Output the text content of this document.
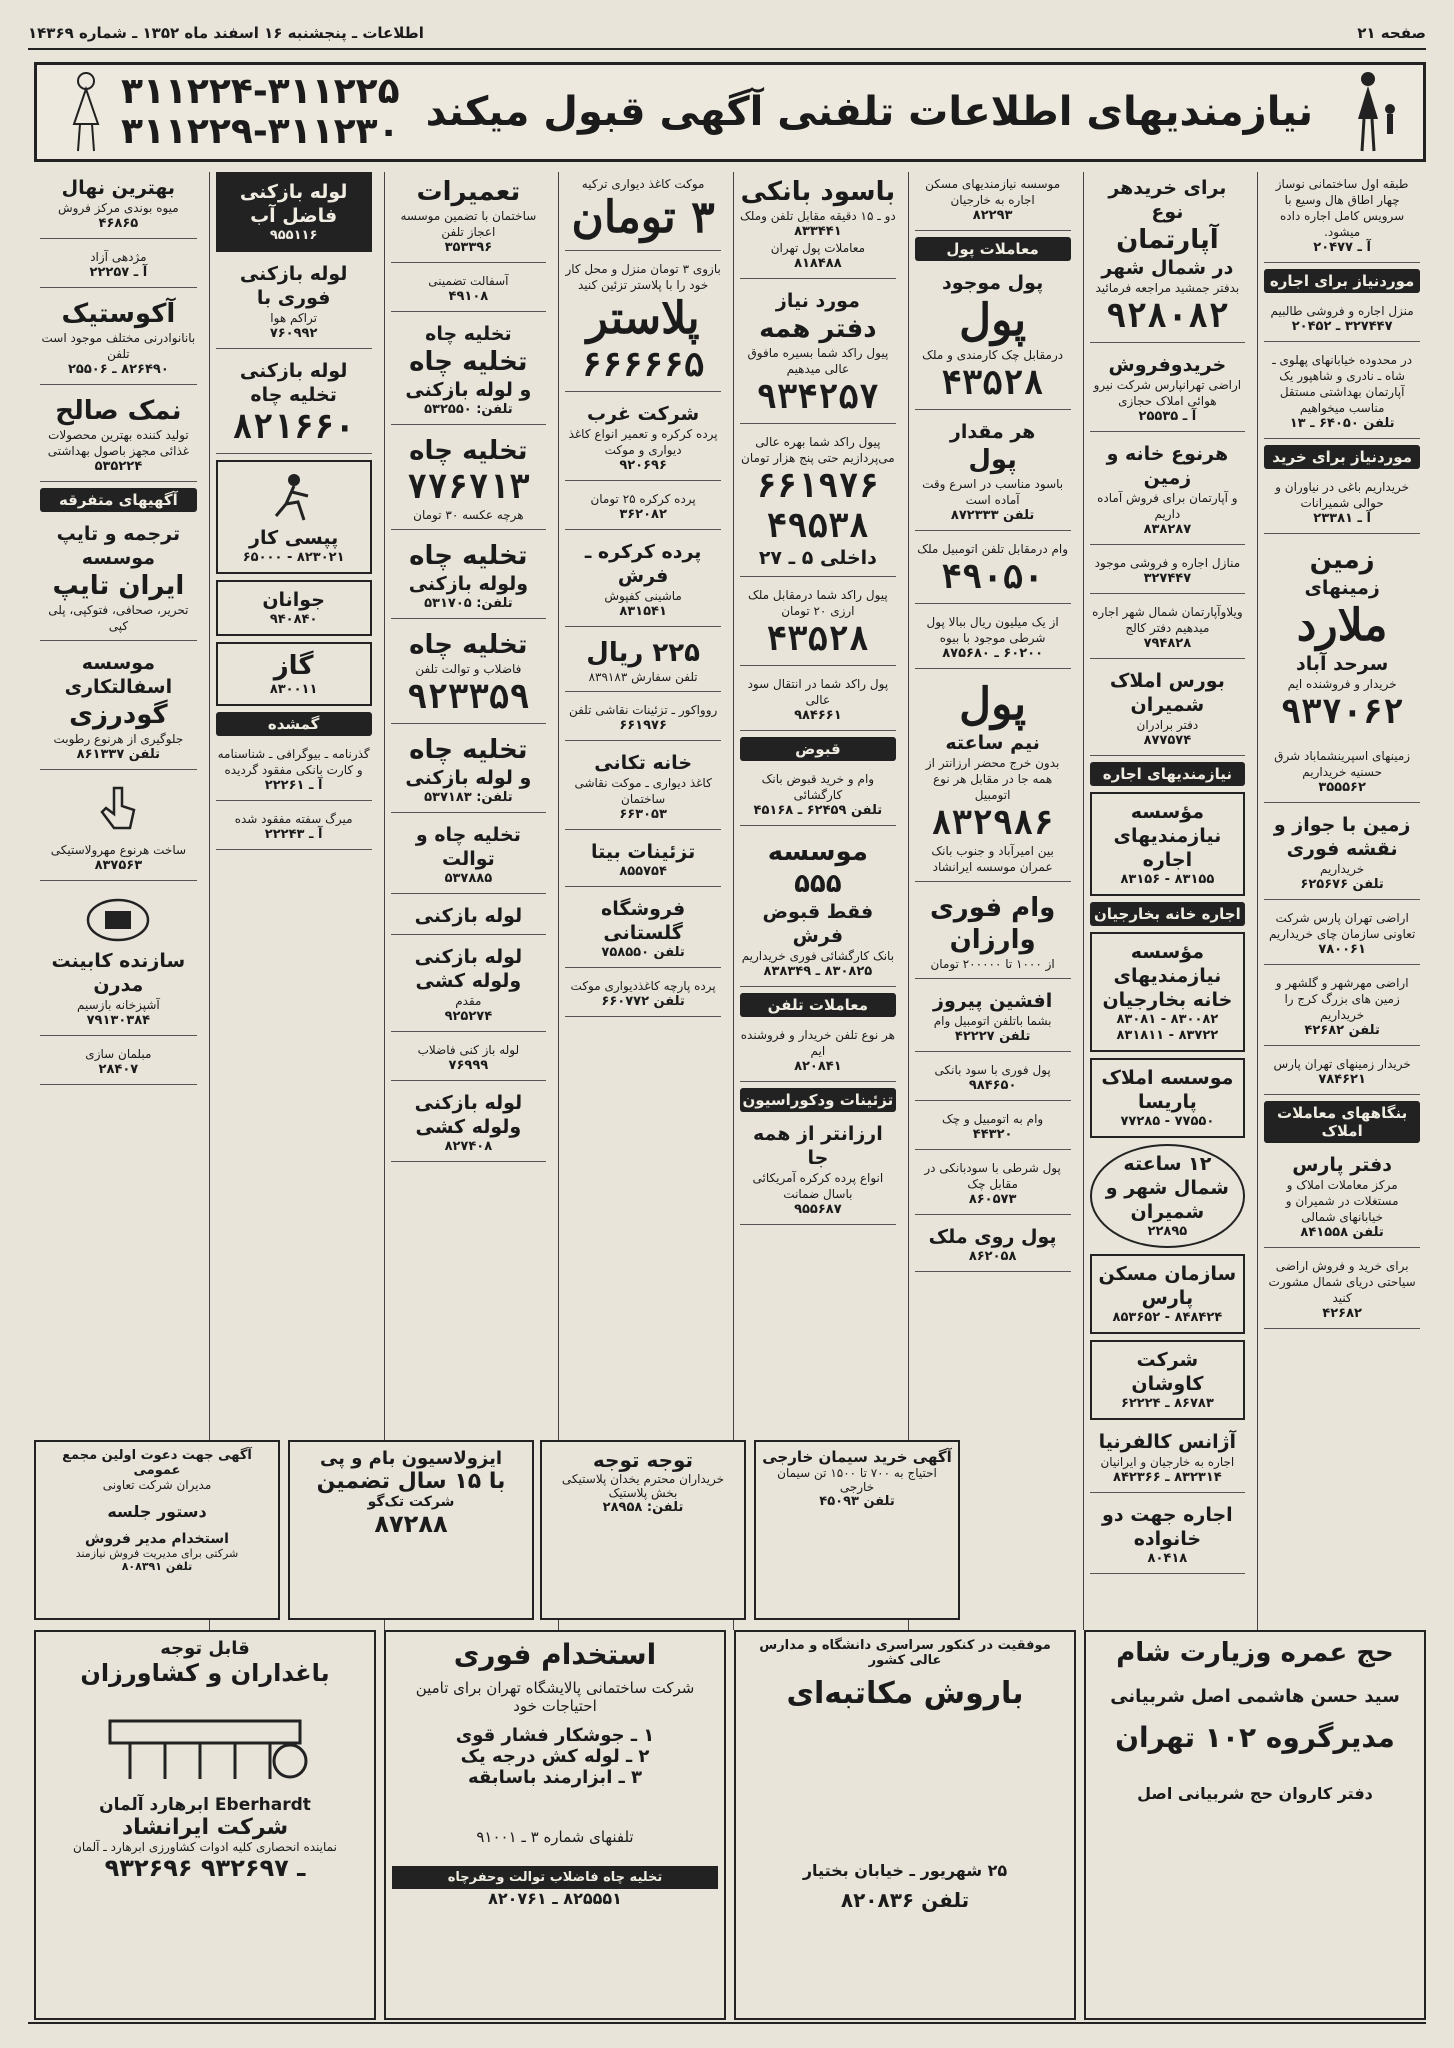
اطلاعات ـ پنجشنبه ۱۶ اسفند ماه ۱۳۵۲ ـ شماره ۱۴۳۶۹	صفحه ۲۱
۳۱۱۲۲۴-۳۱۱۲۲۵
۳۱۱۲۲۹-۳۱۱۲۳۰ نیازمندیهای اطلاعات تلفنی آگهی قبول میکند
طبقه اول ساختمانی نوساز چهار اطاق هال وسیع با سرویس کامل اجاره داده میشود.
آ ـ ۲۰۴۷۷
موردنیاز برای اجاره
منزل اجاره و فروشی طالبیم
۳۲۷۴۴۷ ـ ۲۰۴۵۲
در محدوده خیابانهای پهلوی ـ شاه ـ نادری و شاهپور یک آپارتمان بهداشتی مستقل مناسب میخواهیم
تلفن ۶۴۰۵۰ ـ ۱۳
موردنیاز برای خرید
خریداریم باغی در نیاوران و حوالی شمیرانات
آ ـ ۲۳۳۸۱
زمین
زمینهای
ملارد
سرحد آباد
خریدار و فروشنده ایم
۹۳۷۰۶۲
زمینهای اسپرینشماباد شرق حسنیه خریداریم
۳۵۵۵۶۲
زمین با جواز و نقشه فوری
خریداریم
تلفن ۶۲۵۶۷۶
اراضی تهران پارس شرکت تعاونی سازمان چای خریداریم
۷۸۰۰۶۱
اراضی مهرشهر و گلشهر و زمین های بزرگ کرج را خریداریم
تلفن ۴۲۶۸۲
خریدار زمینهای تهران پارس
۷۸۴۶۲۱
بنگاههای معاملات املاک
دفتر پارس
مرکز معاملات املاک و مستغلات در شمیران و خیابانهای شمالی
تلفن ۸۴۱۵۵۸
برای خرید و فروش اراضی سیاحتی دریای شمال مشورت کنید
۴۲۶۸۲
برای خریدهر نوع
آپارتمان
در شمال شهر
بدفتر جمشید مراجعه فرمائید
۹۲۸۰۸۲
خریدوفروش
اراضی تهرانپارس شرکت نیرو هوائی املاک حجازی
آ ـ ۲۵۵۳۵
هرنوع خانه و زمین
و آپارتمان برای فروش آماده داریم
۸۳۸۲۸۷
منازل اجاره و فروشی موجود
۳۲۷۴۴۷
ویلاوآپارتمان شمال شهر اجاره میدهیم دفتر کالج
۷۹۴۸۲۸
بورس املاک شمیران
دفتر برادران
۸۷۷۵۷۴
نیازمندیهای اجاره
مؤسسه نیازمندیهای اجاره
۸۳۱۵۵ - ۸۳۱۵۶
اجاره خانه بخارجیان
مؤسسه نیازمندیهای خانه بخارجیان
۸۳۰۰۸۲ - ۸۳۰۸۱ ۸۳۷۲۲ - ۸۳۱۸۱۱
موسسه املاک پاریسا
۷۷۵۵۰ - ۷۷۲۸۵
۱۲ ساعته شمال شهر و شمیران
۲۲۸۹۵
سازمان مسکن پارس
۸۴۸۴۲۴ - ۸۵۳۶۵۲
شرکت کاوشان
۸۶۷۸۳ ـ ۶۲۲۲۴
آژانس کالفرنیا
اجاره به خارجیان و ایرانیان
۸۳۲۳۱۴ ـ ۸۴۲۳۶۶
اجاره جهت دو خانواده
۸۰۴۱۸
موسسه نیازمندیهای مسکن اجاره به خارجیان
۸۲۲۹۳
معاملات پول
پول موجود
پول
درمقابل چک کارمندی و ملک
۴۳۵۲۸
هر مقدار
پول
باسود مناسب در اسرع وقت آماده است
تلفن ۸۷۲۳۳۳
وام درمقابل تلفن اتومبیل ملک
۴۹۰۵۰
از یک میلیون ریال ببالا پول شرطی موجود با بیوه
۶۰۲۰۰ ـ ۸۷۵۶۸۰
پول
نیم ساعته
بدون خرج محضر ارزانتر از همه جا در مقابل هر نوع اتومبیل
۸۳۲۹۸۶
بین امیرآباد و جنوب بانک عمران موسسه ایرانشاد
وام فوری
وارزان
از ۱۰۰۰ تا ۲۰۰۰۰۰ تومان
افشین پیروز
بشما باتلفن اتومبیل وام
تلفن ۴۲۲۲۷
پول فوری با سود بانکی
۹۸۴۶۵۰
وام به اتومبیل و چک
۴۴۳۲۰
پول شرطی با سودبانکی در مقابل چک
۸۶۰۵۷۳
پول روی ملک
۸۶۲۰۵۸
باسود بانکی
دو ـ ۱۵ دقیقه مقابل تلفن وملک
۸۳۳۴۴۱
معاملات پول تهران
۸۱۸۴۸۸
مورد نیاز
دفتر همه
پیول راکد شما بسیره مافوق عالی میدهیم
۹۳۴۲۵۷
پیول راکد شما بهره عالی می‌پردازیم حتی پنج هزار تومان
۶۶۱۹۷۶
۴۹۵۳۸
داخلی ۵ ـ ۲۷
پیول راکد شما درمقابل ملک ارزی ۲۰ تومان
۴۳۵۲۸
پول راکد شما در انتقال سود عالی
۹۸۴۶۶۱
قبوض
وام و خرید قبوض بانک کارگشائی
تلفن ۶۲۴۵۹ ـ ۴۵۱۶۸
موسسه ۵۵۵
فقط قبوض فرش
بانک کارگشائی فوری خریداریم
۸۳۰۸۲۵ ـ ۸۳۸۳۴۹
معاملات تلفن
هر نوع تلفن خریدار و فروشنده ایم
۸۲۰۸۴۱
تزئینات ودکوراسیون
ارزانتر از همه جا
انواع پرده کرکره آمریکائی باسال ضمانت
۹۵۵۶۸۷
موکت کاغذ دیواری ترکیه
۳ تومان
بازوی ۳ تومان منزل و محل کار خود را با پلاستر تزئین کنید
پلاستر
۶۶۶۶۶۵
شرکت غرب
پرده کرکره و تعمیر انواع کاغذ دیواری و موکت
۹۲۰۶۹۶
پرده کرکره ۲۵ تومان
۳۶۲۰۸۲
پرده کرکره ـ فرش
ماشینی کفپوش
۸۳۱۵۴۱
۲۲۵ ریال
تلفن سفارش ۸۳۹۱۸۳
روواکور ـ تزئینات نقاشی تلفن
۶۶۱۹۷۶
خانه تکانی
کاغذ دیواری ـ موکت نقاشی ساختمان
۶۶۳۰۵۳
تزئینات بیتا
۸۵۵۷۵۴
فروشگاه گلستانی
تلفن ۷۵۸۵۵۰
پرده پارچه کاغذدیواری موکت
تلفن ۶۶۰۷۷۲
تعمیرات
ساختمان با تضمین موسسه اعجاز تلفن
۳۵۳۳۹۶
آسفالت تضمینی
۴۹۱۰۸
تخلیه چاه
تخلیه چاه
و لوله بازکنی
تلفن: ۵۳۲۵۵۰
تخلیه چاه
۷۷۶۷۱۳
هرچه عکسه ۳۰ تومان
تخلیه چاه
ولوله بازکنی
تلفن: ۵۳۱۷۰۵
تخلیه چاه
فاضلاب و توالت تلفن
۹۲۳۳۵۹
تخلیه چاه
و لوله بازکنی
تلفن: ۵۳۷۱۸۳
تخلیه چاه و توالت
۵۳۷۸۸۵
لوله بازکنی
لوله بازکنی ولوله کشی
مقدم
۹۲۵۲۷۴
لوله باز کنی فاضلاب
۷۶۹۹۹
لوله بازکنی ولوله کشی
۸۲۷۴۰۸
لوله بازکنی فاضل آب
۹۵۵۱۱۶
لوله بازکنی فوری با
تراکم هوا
۷۶۰۹۹۲
لوله بازکنی تخلیه چاه
۸۲۱۶۶۰
پپسی کار
۸۲۳۰۲۱ - ۶۵۰۰۰
جوانان
۹۴۰۸۴۰
گاز
۸۳۰۰۱۱
گمشده
گذرنامه ـ بیوگرافی ـ شناسنامه و کارت بانکی مفقود گردیده
آ ـ ۲۲۲۶۱
میرگ سفته مفقود شده
آ ـ ۲۲۲۴۳
بهترین نهال
میوه بوندی مرکز فروش
۴۶۸۶۵
مژدهی آزاد
آ ـ ۲۲۲۵۷
آکوستیک
بانانوادرنی مختلف موجود است تلفن
۸۲۶۴۹۰ ـ ۲۵۵۰۶
نمک صالح
تولید کننده بهترین محصولات غذائی مجهز باصول بهداشتی
۵۳۵۲۲۴
آگهیهای متفرقه
ترجمه و تایپ
موسسه
ایران تایپ
تحریر، صحافی، فتوکپی، پلی کپی
موسسه اسفالتکاری
گودرزی
جلوگیری از هرنوع رطوبت
تلفن ۸۶۱۳۳۷
ساخت هرنوع مهرولاستیکی
۸۳۷۵۶۳
سازنده کابینت مدرن
آشپزخانه بازسیم
۷۹۱۳۰۳۸۴
مبلمان سازی
۲۸۴۰۷
حج عمره وزیارت شام
سید حسن هاشمی اصل شربیانی
مدیرگروه ۱۰۲ تهران
دفتر کاروان حج شربیانی اصل
موفقیت در کنکور سراسری دانشگاه و مدارس عالی کشور
باروش مکاتبه‌ای
۲۵ شهریور ـ خیابان بختیار
تلفن ۸۲۰۸۳۶
استخدام فوری
شرکت ساختمانی پالایشگاه تهران برای تامین احتیاجات خود
۱ ـ جوشکار فشار قوی
۲ ـ لوله کش درجه یک
۳ ـ ابزارمند باسابقه
تلفنهای شماره ۳ ـ ۹۱۰۰۱
تخلیه چاه فاضلاب توالت وحفرچاه
۸۲۵۵۵۱ ـ ۸۲۰۷۶۱
قابل توجه
باغداران و کشاورزان
ابرهارد آلمان Eberhardt
شرکت ایرانشاد
نماینده انحصاری کلیه ادوات کشاورزی ابرهارد ـ آلمان
۹۳۲۶۹۶ ـ ۹۳۲۶۹۷
آگهی خرید سیمان خارجی
احتیاج به ۷۰۰ تا ۱۵۰۰ تن سیمان خارجی
تلفن ۴۵۰۹۳
توجه توجه
خریداران محترم یخدان پلاستیکی بخش پلاستیک
تلفن: ۲۸۹۵۸
ایزولاسیون بام و پی
با ۱۵ سال تضمین
شرکت تک‌گو
۸۷۲۸۸
آگهی جهت دعوت اولین مجمع عمومی
مدیران شرکت تعاونی
دستور جلسه
استخدام مدیر فروش
شرکتی برای مدیریت فروش نیازمند
تلفن ۸۰۸۳۹۱
